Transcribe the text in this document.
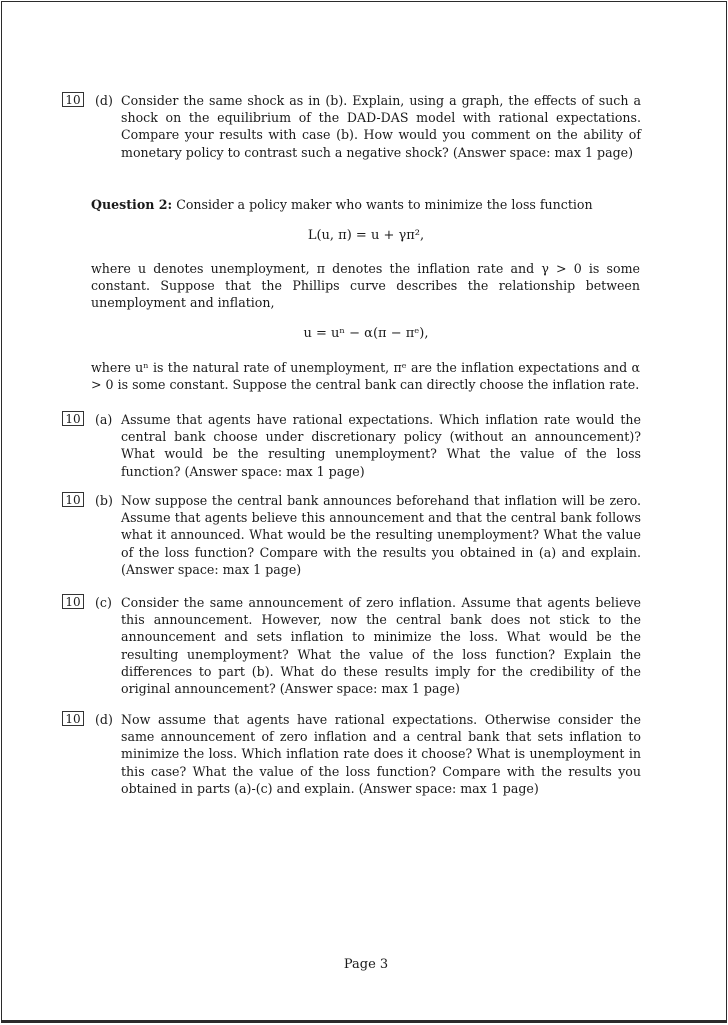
10 (d) Consider the same shock as in (b). Explain, using a graph, the effects of such a shock on the equilibrium of the DAD-DAS model with rational expectations. Compare your results with case (b). How would you comment on the ability of monetary policy to contrast such a negative shock? (Answer space: max 1 page)
Question 2: Consider a policy maker who wants to minimize the loss function
L(u, π) = u + γπ²,
where u denotes unemployment, π denotes the inflation rate and γ > 0 is some constant. Suppose that the Phillips curve describes the relationship between unemployment and inflation,
u = uⁿ − α(π − πᵉ),
where uⁿ is the natural rate of unemployment, πᵉ are the inflation expectations and α > 0 is some constant. Suppose the central bank can directly choose the inflation rate.
10 (a) Assume that agents have rational expectations. Which inflation rate would the central bank choose under discretionary policy (without an announcement)? What would be the resulting unemployment? What the value of the loss function? (Answer space: max 1 page)
10 (b) Now suppose the central bank announces beforehand that inflation will be zero. Assume that agents believe this announcement and that the central bank follows what it announced. What would be the resulting unemployment? What the value of the loss function? Compare with the results you obtained in (a) and explain. (Answer space: max 1 page)
10 (c) Consider the same announcement of zero inflation. Assume that agents believe this announcement. However, now the central bank does not stick to the announcement and sets inflation to minimize the loss. What would be the resulting unemployment? What the value of the loss function? Explain the differences to part (b). What do these results imply for the credibility of the original announcement? (Answer space: max 1 page)
10 (d) Now assume that agents have rational expectations. Otherwise consider the same announcement of zero inflation and a central bank that sets inflation to minimize the loss. Which inflation rate does it choose? What is unemployment in this case? What the value of the loss function? Compare with the results you obtained in parts (a)-(c) and explain. (Answer space: max 1 page)
Page 3
